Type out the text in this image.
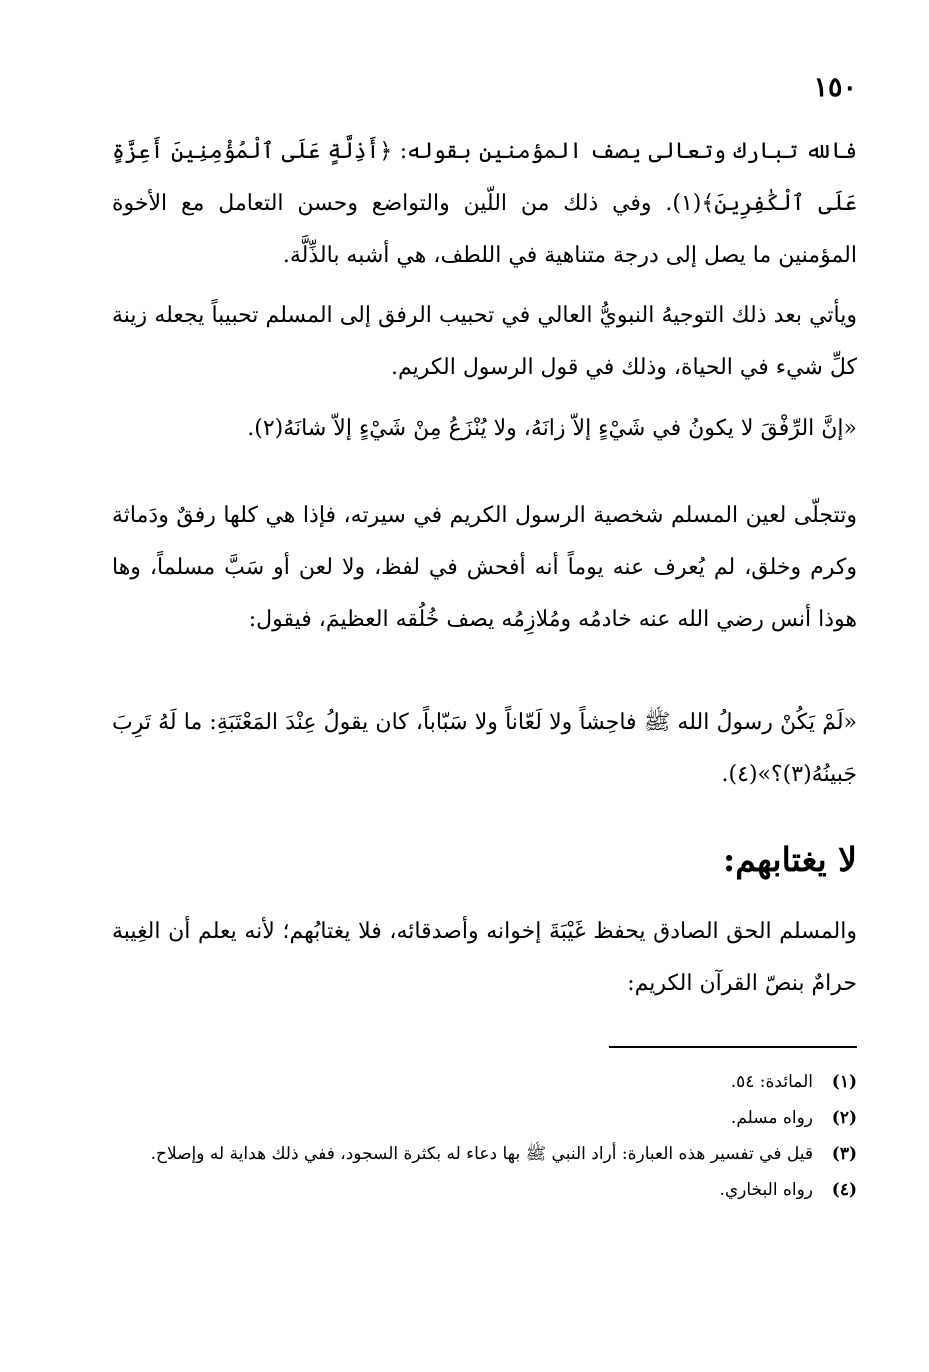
١٥٠

فالله تبارك وتعالى يصف المؤمنين بقوله: ﴿أَذِلَّةٍ عَلَى ٱلْمُؤْمِنِينَ أَعِزَّةٍ عَلَى ٱلْكَٰفِرِينَ﴾(١). وفي ذلك من اللّين والتواضع وحسن التعامل مع الأخوة المؤمنين ما يصل إلى درجة متناهية في اللطف، هي أشبه بالذِّلَّة.

ويأتي بعد ذلك التوجيهُ النبويُّ العالي في تحبيب الرفق إلى المسلم تحبيباً يجعله زينة كلِّ شيء في الحياة، وذلك في قول الرسول الكريم.

«إنَّ الرِّفْقَ لا يكونُ في شَيْءٍ إلاّ زانَهُ، ولا يُنْزَعُ مِنْ شَيْءٍ إلاّ شانَهُ(٢).

وتتجلّى لعين المسلم شخصية الرسول الكريم في سيرته، فإذا هي كلها رفقٌ ودَماثة وكرم وخلق، لم يُعرف عنه يوماً أنه أفحش في لفظ، ولا لعن أو سَبَّ مسلماً، وها هوذا أنس رضي الله عنه خادمُه ومُلازِمُه يصف خُلُقه العظيمَ، فيقول:

«لَمْ يَكُنْ رسولُ الله ﷺ فاحِشاً ولا لَعّاناً ولا سَبّاباً، كان يقولُ عِنْدَ المَعْتَبَةِ: ما لَهُ تَرِبَ جَبينُهُ(٣)؟»(٤).

لا يغتابهم:

والمسلم الحق الصادق يحفظ غَيْبَةَ إخوانه وأصدقائه، فلا يغتابُهم؛ لأنه يعلم أن الغِيبة حرامٌ بنصّ القرآن الكريم:

(١)
المائدة: ٥٤.
(٢)
رواه مسلم.
(٣)
قيل في تفسير هذه العبارة: أراد النبي ﷺ بها دعاء له بكثرة السجود، ففي ذلك هداية له وإصلاح.
(٤)
رواه البخاري.
